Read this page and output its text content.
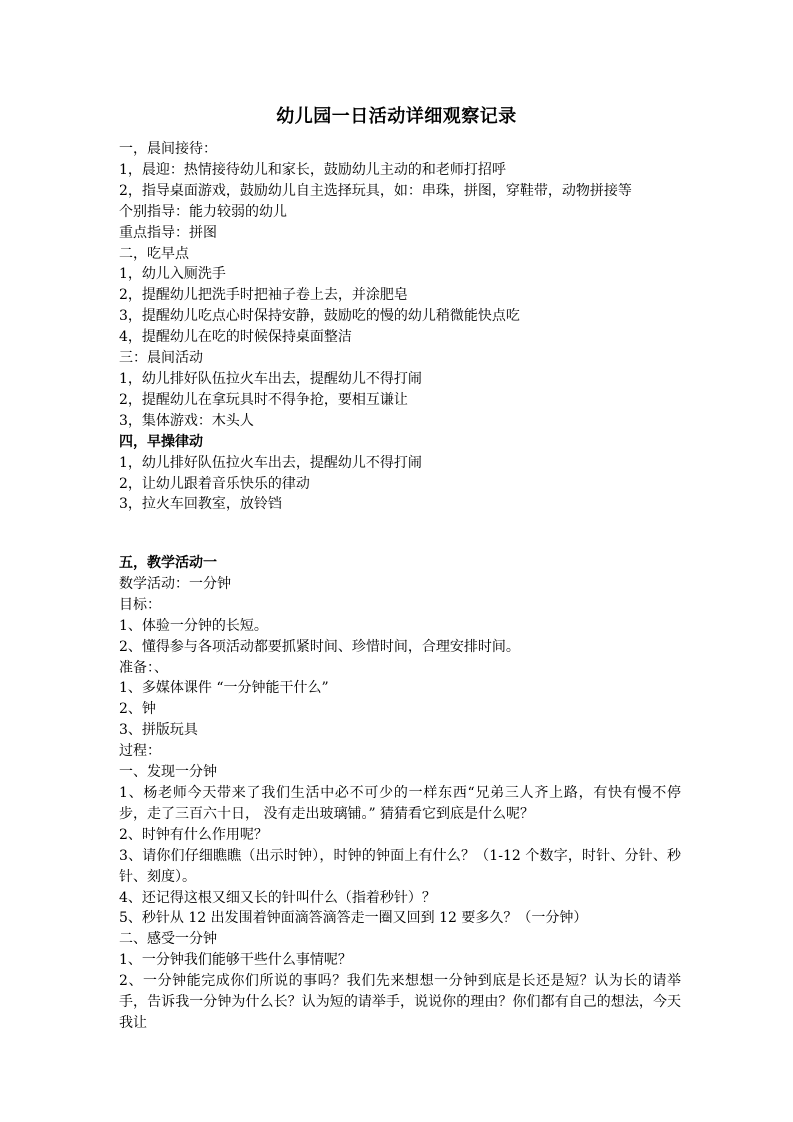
幼儿园一日活动详细观察记录
一，晨间接待：
1，晨迎：热情接待幼儿和家长，鼓励幼儿主动的和老师打招呼
2，指导桌面游戏，鼓励幼儿自主选择玩具，如：串珠，拼图，穿鞋带，动物拼接等
个别指导：能力较弱的幼儿
重点指导：拼图
二，吃早点
1，幼儿入厕洗手
2，提醒幼儿把洗手时把袖子卷上去，并涂肥皂
3，提醒幼儿吃点心时保持安静，鼓励吃的慢的幼儿稍微能快点吃
4，提醒幼儿在吃的时候保持桌面整洁
三：晨间活动
1，幼儿排好队伍拉火车出去，提醒幼儿不得打闹
2，提醒幼儿在拿玩具时不得争抢，要相互谦让
3，集体游戏：木头人
四，早操律动
1，幼儿排好队伍拉火车出去，提醒幼儿不得打闹
2，让幼儿跟着音乐快乐的律动
3，拉火车回教室，放铃铛
五，教学活动一
数学活动：一分钟
目标：
1、体验一分钟的长短。
2、懂得参与各项活动都要抓紧时间、珍惜时间，合理安排时间。
准备：、
1、多媒体课件 “一分钟能干什么”
2、钟
3、拼版玩具
过程：
一、发现一分钟
1、杨老师今天带来了我们生活中必不可少的一样东西“兄弟三人齐上路，有快有慢不停步，走了三百六十日， 没有走出玻璃铺。” 猜猜看它到底是什么呢？
2、时钟有什么作用呢？
3、请你们仔细瞧瞧（出示时钟），时钟的钟面上有什么？（1-12 个数字，时针、分针、秒针、刻度）。
4、还记得这根又细又长的针叫什么（指着秒针）？
5、秒针从 12 出发围着钟面滴答滴答走一圈又回到 12 要多久？（一分钟）
二、感受一分钟
1、一分钟我们能够干些什么事情呢？
2、一分钟能完成你们所说的事吗？我们先来想想一分钟到底是长还是短？认为长的请举手，告诉我一分钟为什么长？认为短的请举手，说说你的理由？你们都有自己的想法，今天我让
